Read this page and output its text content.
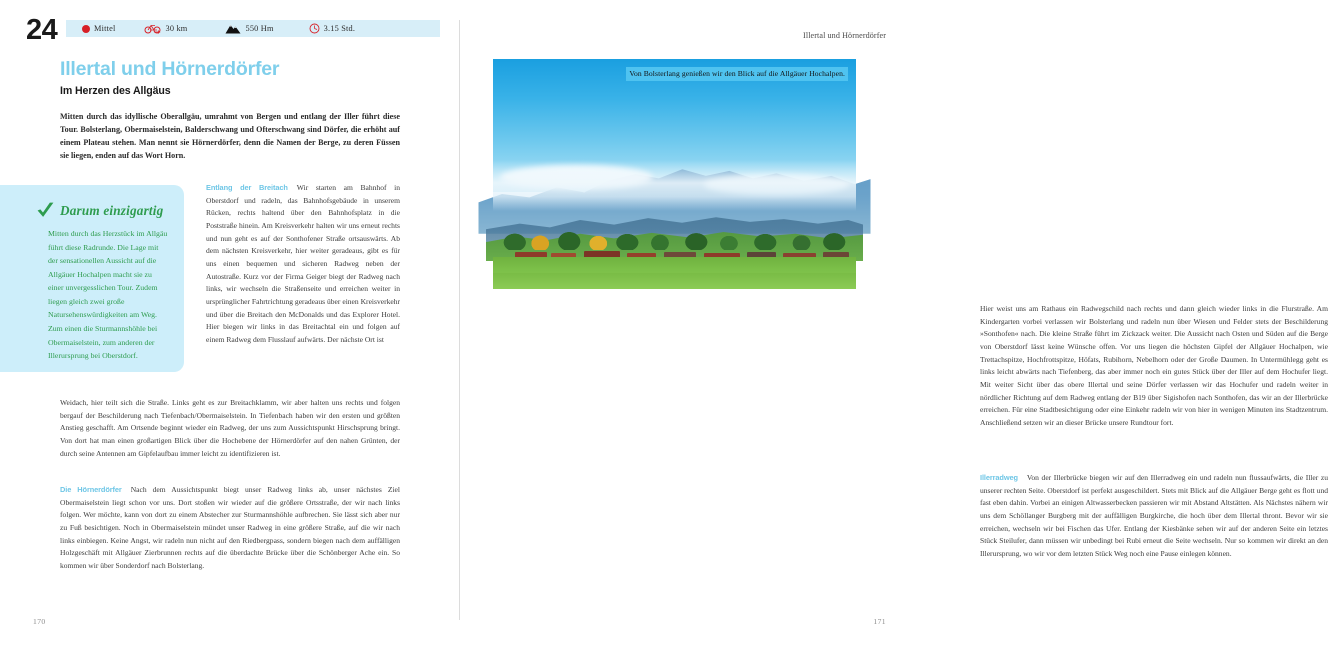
24	Mittel	30 km	550 Hm	3.15 Std.
Illertal und Hörnerdörfer
Im Herzen des Allgäus
Mitten durch das idyllische Oberallgäu, umrahmt von Bergen und entlang der Iller führt diese Tour. Bolsterlang, Obermaiselstein, Balderschwang und Ofterschwang sind Dörfer, die erhöht auf einem Plateau stehen. Man nennt sie Hörnerdörfer, denn die Namen der Berge, zu deren Füssen sie liegen, enden auf das Wort Horn.
Darum einzigartig
Mitten durch das Herzstück im Allgäu führt diese Radrunde. Die Lage mit der sensationellen Aussicht auf die Allgäuer Hochalpen macht sie zu einer unvergesslichen Tour. Zudem liegen gleich zwei große Natursehenswürdigkeiten am Weg. Zum einen die Sturmannshöhle bei Obermaiselstein, zum anderen der Illerursprung bei Oberstdorf.
Entlang der Breitach Wir starten am Bahnhof in Oberstdorf und radeln, das Bahnhofsgebäude in unserem Rücken, rechts haltend über den Bahnhofsplatz in die Poststraße hinein. Am Kreisverkehr halten wir uns erneut rechts und nun geht es auf der Sonthofener Straße ortsauswärts. Ab dem nächsten Kreisverkehr, hier weiter geradeaus, gibt es für uns einen bequemen und sicheren Radweg neben der Autostraße. Kurz vor der Firma Geiger biegt der Radweg nach links, wir wechseln die Straßenseite und erreichen weiter in ursprünglicher Fahrtrichtung geradeaus über einen Kreisverkehr und über die Breitach den McDonalds und das Explorer Hotel. Hier biegen wir links in das Breitachtal ein und folgen auf einem Radweg dem Flusslauf aufwärts. Der nächste Ort ist
Weidach, hier teilt sich die Straße. Links geht es zur Breitachklamm, wir aber halten uns rechts und folgen bergauf der Beschilderung nach Tiefenbach/Obermaiselstein. In Tiefenbach haben wir den ersten und größten Anstieg geschafft. Am Ortsende beginnt wieder ein Radweg, der uns zum Aussichtspunkt Hirschsprung bringt. Von dort hat man einen großartigen Blick über die Hochebene der Hörnerdörfer auf den nahen Grünten, der durch seine Antennen am Gipfelaufbau immer leicht zu identifizieren ist.
Die Hörnerdörfer Nach dem Aussichtspunkt biegt unser Radweg links ab, unser nächstes Ziel Obermaiselstein liegt schon vor uns. Dort stoßen wir wieder auf die größere Ortsstraße, der wir nach links folgen. Wer möchte, kann von dort zu einem Abstecher zur Sturmannshöhle aufbrechen. Sie lässt sich aber nur zu Fuß besichtigen. Noch in Obermaiselstein mündet unser Radweg in eine größere Straße, auf die wir nach links einbiegen. Keine Angst, wir radeln nun nicht auf den Riedbergpass, sondern biegen nach dem auffälligen Holzgeschäft mit Allgäuer Zierbrunnen rechts auf die überdachte Brücke über die Schönberger Ache ein. So kommen wir über Sonderdorf nach Bolsterlang.
170
Illertal und Hörnerdörfer
Von Bolsterlang genießen wir den Blick auf die Allgäuer Hochalpen.
Hier weist uns am Rathaus ein Radwegschild nach rechts und dann gleich wieder links in die Flurstraße. Am Kindergarten vorbei verlassen wir Bolsterlang und radeln nun über Wiesen und Felder stets der Beschilderung »Sonthofen« nach. Die kleine Straße führt im Zickzack weiter. Die Aussicht nach Osten und Süden auf die Berge von Oberstdorf lässt keine Wünsche offen. Vor uns liegen die höchsten Gipfel der Allgäuer Hochalpen, wie Trettachspitze, Hochfrottspitze, Höfats, Rubihorn, Nebelhorn oder der Große Daumen. In Untermühlegg geht es links leicht abwärts nach Tiefenberg, das aber immer noch ein gutes Stück über der Iller auf dem Hochufer liegt. Mit weiter Sicht über das obere Illertal und seine Dörfer verlassen wir das Hochufer und radeln weiter in nördlicher Richtung auf dem Radweg entlang der B19 über Sigishofen nach Sonthofen, das wir an der Illerbrücke erreichen. Für eine Stadtbesichtigung oder eine Einkehr radeln wir von hier in wenigen Minuten ins Stadtzentrum. Anschließend setzen wir an dieser Brücke unsere Rundtour fort.
Illerradweg Von der Illerbrücke biegen wir auf den Illerradweg ein und radeln nun flussaufwärts, die Iller zu unserer rechten Seite. Oberstdorf ist perfekt ausgeschildert. Stets mit Blick auf die Allgäuer Berge geht es flott und fast eben dahin. Vorbei an einigen Altwasserbecken passieren wir mit Abstand Altstätten. Als Nächstes nähern wir uns dem Schöllanger Burgberg mit der auffälligen Burgkirche, die hoch über dem Illertal thront. Bevor wir sie erreichen, wechseln wir bei Fischen das Ufer. Entlang der Kiesbänke sehen wir auf der anderen Seite ein letztes Stück Steilufer, dann müssen wir unbedingt bei Rubi erneut die Seite wechseln. Nur so kommen wir direkt an den Illerursprung, wo wir vor dem letzten Stück Weg noch eine Pause einlegen können.
171
